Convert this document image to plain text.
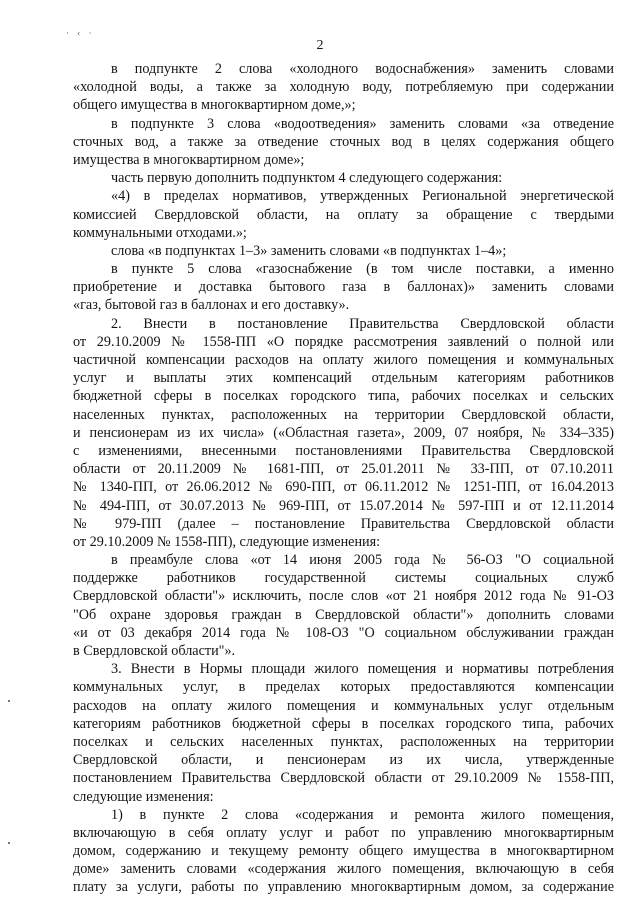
· ‹ ·
2
в подпункте 2 слова «холодного водоснабжения» заменить словами
«холодной воды, а также за холодную воду, потребляемую при содержании
общего имущества в многоквартирном доме,»;
в подпункте 3 слова «водоотведения» заменить словами «за отведение
сточных вод, а также за отведение сточных вод в целях содержания общего
имущества в многоквартирном доме»;
часть первую дополнить подпунктом 4 следующего содержания:
«4) в пределах нормативов, утвержденных Региональной энергетической
комиссией Свердловской области, на оплату за обращение с твердыми
коммунальными отходами.»;
слова «в подпунктах 1–3» заменить словами «в подпунктах 1–4»;
в пункте 5 слова «газоснабжение (в том числе поставки, а именно
приобретение и доставка бытового газа в баллонах)» заменить словами
«газ, бытовой газ в баллонах и его доставку».
2. Внести в постановление Правительства Свердловской области
от 29.10.2009 № 1558-ПП «О порядке рассмотрения заявлений о полной или
частичной компенсации расходов на оплату жилого помещения и коммунальных
услуг и выплаты этих компенсаций отдельным категориям работников
бюджетной сферы в поселках городского типа, рабочих поселках и сельских
населенных пунктах, расположенных на территории Свердловской области,
и пенсионерам из их числа» («Областная газета», 2009, 07 ноября, № 334–335)
с изменениями, внесенными постановлениями Правительства Свердловской
области от 20.11.2009 № 1681-ПП, от 25.01.2011 № 33-ПП, от 07.10.2011
№ 1340-ПП, от 26.06.2012 № 690-ПП, от 06.11.2012 № 1251-ПП, от 16.04.2013
№ 494-ПП, от 30.07.2013 № 969-ПП, от 15.07.2014 № 597-ПП и от 12.11.2014
№ 979-ПП (далее – постановление Правительства Свердловской области
от 29.10.2009 № 1558-ПП), следующие изменения:
в преамбуле слова «от 14 июня 2005 года № 56-ОЗ "О социальной
поддержке работников государственной системы социальных служб
Свердловской области"» исключить, после слов «от 21 ноября 2012 года № 91-ОЗ
"Об охране здоровья граждан в Свердловской области"» дополнить словами
«и от 03 декабря 2014 года № 108-ОЗ "О социальном обслуживании граждан
в Свердловской области"».
3. Внести в Нормы площади жилого помещения и нормативы потребления
коммунальных услуг, в пределах которых предоставляются компенсации
расходов на оплату жилого помещения и коммунальных услуг отдельным
категориям работников бюджетной сферы в поселках городского типа, рабочих
поселках и сельских населенных пунктах, расположенных на территории
Свердловской области, и пенсионерам из их числа, утвержденные
постановлением Правительства Свердловской области от 29.10.2009 № 1558-ПП,
следующие изменения:
1) в пункте 2 слова «содержания и ремонта жилого помещения,
включающую в себя оплату услуг и работ по управлению многоквартирным
домом, содержанию и текущему ремонту общего имущества в многоквартирном
доме» заменить словами «содержания жилого помещения, включающую в себя
плату за услуги, работы по управлению многоквартирным домом, за содержание
